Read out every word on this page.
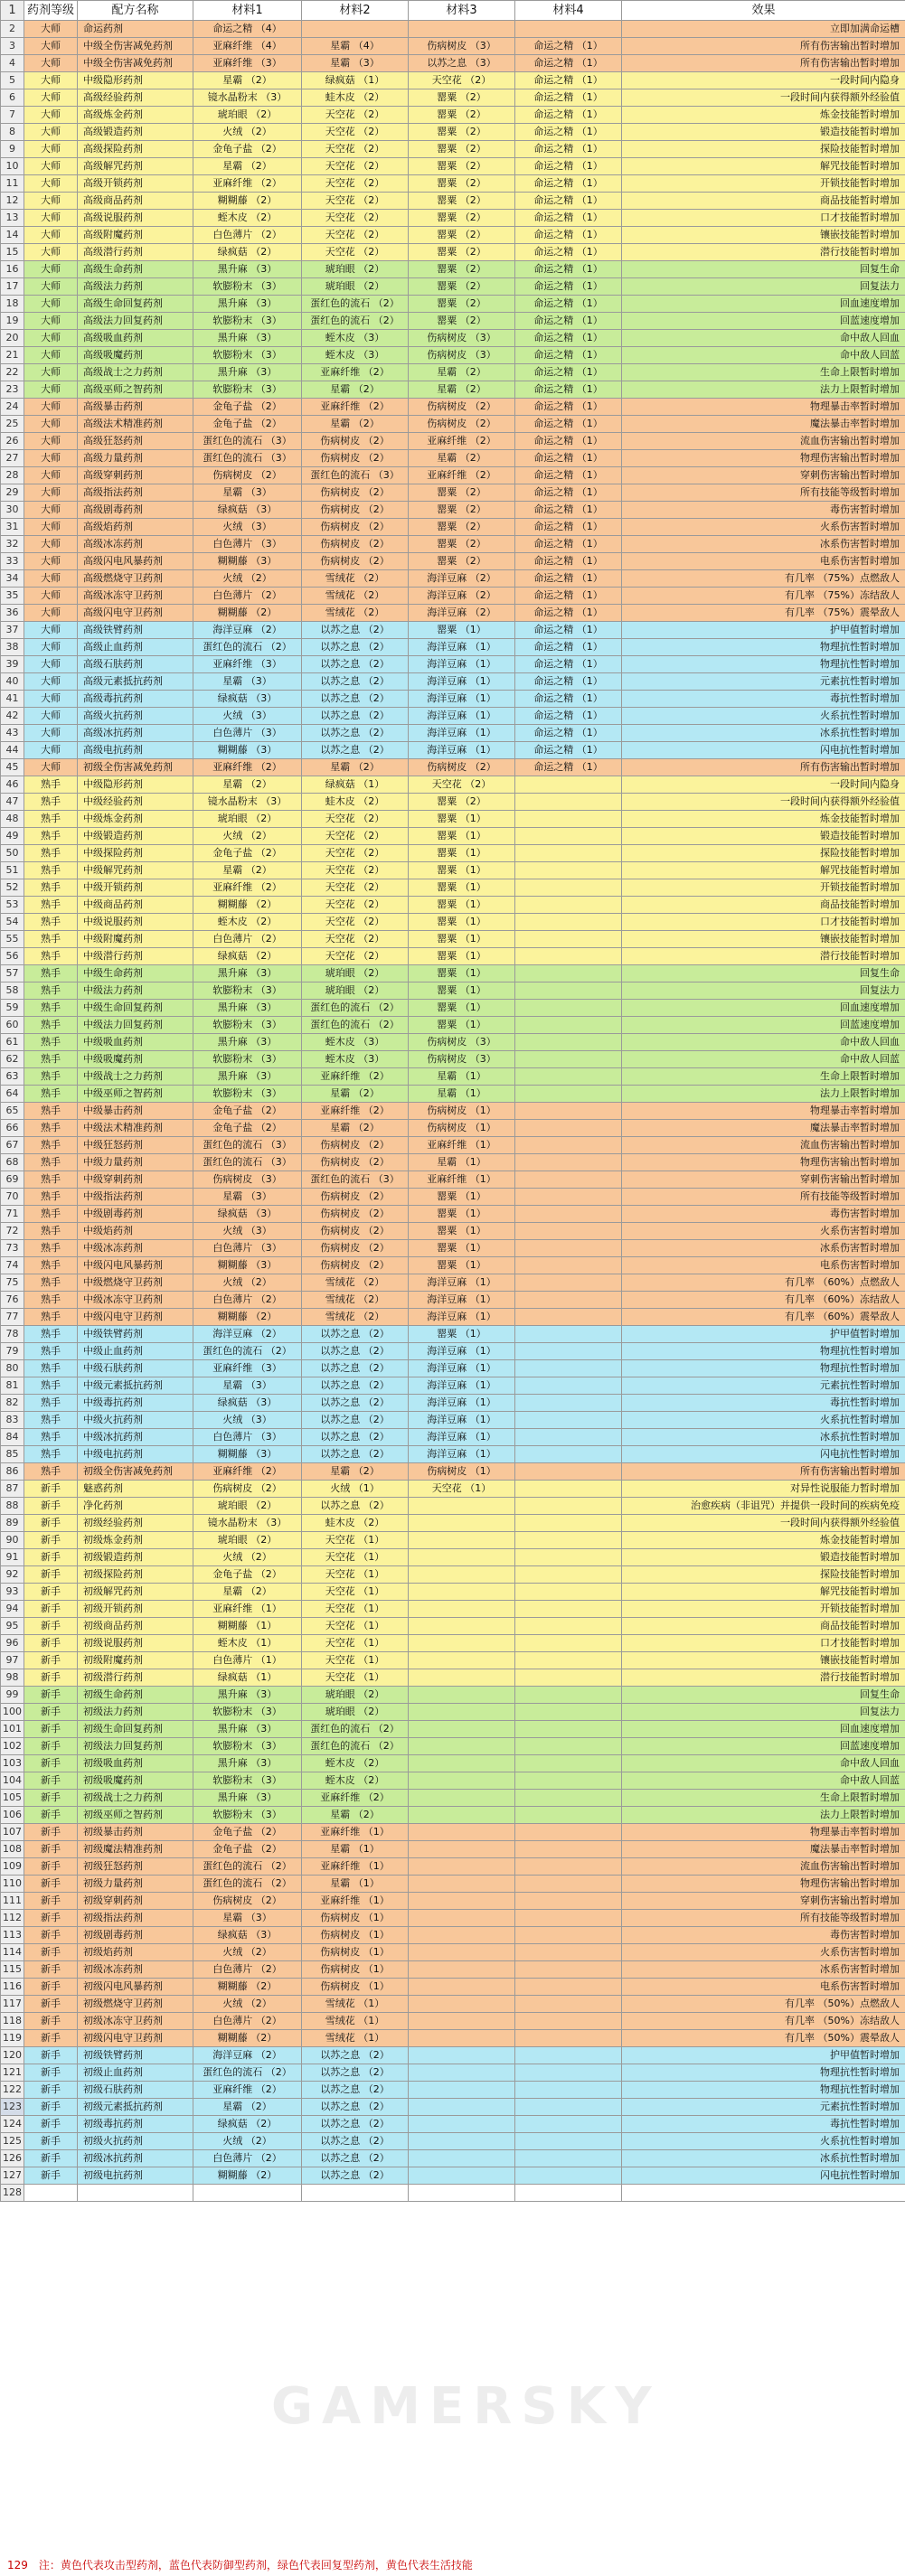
1	药剂等级	配方名称	材料1	材料2	材料3	材料4	效果
2	大师	命运药剂	命运之精 （4）				立即加满命运槽
3	大师	中级全伤害减免药剂	亚麻纤维 （4）	星霸 （4）	伤病树皮 （3）	命运之精 （1）	所有伤害输出暂时增加
4	大师	中级全伤害减免药剂	亚麻纤维 （3）	星霸 （3）	以苏之息 （3）	命运之精 （1）	所有伤害输出暂时增加
5	大师	中级隐形药剂	星霸 （2）	绿疯菇 （1）	天空花 （2）	命运之精 （1）	一段时间内隐身
6	大师	高级经验药剂	镜水晶粉末 （3）	蛙木皮 （2）	罂粟 （2）	命运之精 （1）	一段时间内获得额外经验值
7	大师	高级炼金药剂	琥珀眼 （2）	天空花 （2）	罂粟 （2）	命运之精 （1）	炼金技能暂时增加
8	大师	高级锻造药剂	火绒 （2）	天空花 （2）	罂粟 （2）	命运之精 （1）	锻造技能暂时增加
9	大师	高级探险药剂	金龟子盐 （2）	天空花 （2）	罂粟 （2）	命运之精 （1）	探险技能暂时增加
10	大师	高级解咒药剂	星霸 （2）	天空花 （2）	罂粟 （2）	命运之精 （1）	解咒技能暂时增加
11	大师	高级开锁药剂	亚麻纤维 （2）	天空花 （2）	罂粟 （2）	命运之精 （1）	开锁技能暂时增加
12	大师	高级商品药剂	糊糊藤 （2）	天空花 （2）	罂粟 （2）	命运之精 （1）	商品技能暂时增加
13	大师	高级说服药剂	蛭木皮 （2）	天空花 （2）	罂粟 （2）	命运之精 （1）	口才技能暂时增加
14	大师	高级附魔药剂	白色薄片 （2）	天空花 （2）	罂粟 （2）	命运之精 （1）	镶嵌技能暂时增加
15	大师	高级潜行药剂	绿疯菇 （2）	天空花 （2）	罂粟 （2）	命运之精 （1）	潜行技能暂时增加
16	大师	高级生命药剂	黑升麻 （3）	琥珀眼 （2）	罂粟 （2）	命运之精 （1）	回复生命
17	大师	高级法力药剂	软膨粉末 （3）	琥珀眼 （2）	罂粟 （2）	命运之精 （1）	回复法力
18	大师	高级生命回复药剂	黑升麻 （3）	蛋红色的流石 （2）	罂粟 （2）	命运之精 （1）	回血速度增加
19	大师	高级法力回复药剂	软膨粉末 （3）	蛋红色的流石 （2）	罂粟 （2）	命运之精 （1）	回蓝速度增加
20	大师	高级吸血药剂	黑升麻 （3）	蛭木皮 （3）	伤病树皮 （3）	命运之精 （1）	命中敌人回血
21	大师	高级吸魔药剂	软膨粉末 （3）	蛭木皮 （3）	伤病树皮 （3）	命运之精 （1）	命中敌人回蓝
22	大师	高级战士之力药剂	黑升麻 （3）	亚麻纤维 （2）	星霸 （2）	命运之精 （1）	生命上限暂时增加
23	大师	高级巫师之智药剂	软膨粉末 （3）	星霸 （2）	星霸 （2）	命运之精 （1）	法力上限暂时增加
24	大师	高级暴击药剂	金龟子盐 （2）	亚麻纤维 （2）	伤病树皮 （2）	命运之精 （1）	物理暴击率暂时增加
25	大师	高级法术精准药剂	金龟子盐 （2）	星霸 （2）	伤病树皮 （2）	命运之精 （1）	魔法暴击率暂时增加
26	大师	高级狂怒药剂	蛋红色的流石 （3）	伤病树皮 （2）	亚麻纤维 （2）	命运之精 （1）	流血伤害输出暂时增加
27	大师	高级力量药剂	蛋红色的流石 （3）	伤病树皮 （2）	星霸 （2）	命运之精 （1）	物理伤害输出暂时增加
28	大师	高级穿刺药剂	伤病树皮 （2）	蛋红色的流石 （3）	亚麻纤维 （2）	命运之精 （1）	穿刺伤害输出暂时增加
29	大师	高级指法药剂	星霸 （3）	伤病树皮 （2）	罂粟 （2）	命运之精 （1）	所有技能等级暂时增加
30	大师	高级剧毒药剂	绿疯菇 （3）	伤病树皮 （2）	罂粟 （2）	命运之精 （1）	毒伤害暂时增加
31	大师	高级焰药剂	火绒 （3）	伤病树皮 （2）	罂粟 （2）	命运之精 （1）	火系伤害暂时增加
32	大师	高级冰冻药剂	白色薄片 （3）	伤病树皮 （2）	罂粟 （2）	命运之精 （1）	冰系伤害暂时增加
33	大师	高级闪电风暴药剂	糊糊藤 （3）	伤病树皮 （2）	罂粟 （2）	命运之精 （1）	电系伤害暂时增加
34	大师	高级燃烧守卫药剂	火绒 （2）	雪绒花 （2）	海洋豆麻 （2）	命运之精 （1）	有几率 （75%）点燃敌人
35	大师	高级冰冻守卫药剂	白色薄片 （2）	雪绒花 （2）	海洋豆麻 （2）	命运之精 （1）	有几率 （75%）冻结敌人
36	大师	高级闪电守卫药剂	糊糊藤 （2）	雪绒花 （2）	海洋豆麻 （2）	命运之精 （1）	有几率 （75%）震晕敌人
37	大师	高级铁臂药剂	海洋豆麻 （2）	以苏之息 （2）	罂粟 （1）	命运之精 （1）	护甲值暂时增加
38	大师	高级止血药剂	蛋红色的流石 （2）	以苏之息 （2）	海洋豆麻 （1）	命运之精 （1）	物理抗性暂时增加
39	大师	高级石肤药剂	亚麻纤维 （3）	以苏之息 （2）	海洋豆麻 （1）	命运之精 （1）	物理抗性暂时增加
40	大师	高级元素抵抗药剂	星霸 （3）	以苏之息 （2）	海洋豆麻 （1）	命运之精 （1）	元素抗性暂时增加
41	大师	高级毒抗药剂	绿疯菇 （3）	以苏之息 （2）	海洋豆麻 （1）	命运之精 （1）	毒抗性暂时增加
42	大师	高级火抗药剂	火绒 （3）	以苏之息 （2）	海洋豆麻 （1）	命运之精 （1）	火系抗性暂时增加
43	大师	高级冰抗药剂	白色薄片 （3）	以苏之息 （2）	海洋豆麻 （1）	命运之精 （1）	冰系抗性暂时增加
44	大师	高级电抗药剂	糊糊藤 （3）	以苏之息 （2）	海洋豆麻 （1）	命运之精 （1）	闪电抗性暂时增加
45	大师	初级全伤害减免药剂	亚麻纤维 （2）	星霸 （2）	伤病树皮 （2）	命运之精 （1）	所有伤害输出暂时增加
46	熟手	中级隐形药剂	星霸 （2）	绿疯菇 （1）	天空花 （2）		一段时间内隐身
47	熟手	中级经验药剂	镜水晶粉末 （3）	蛙木皮 （2）	罂粟 （2）		一段时间内获得额外经验值
48	熟手	中级炼金药剂	琥珀眼 （2）	天空花 （2）	罂粟 （1）		炼金技能暂时增加
49	熟手	中级锻造药剂	火绒 （2）	天空花 （2）	罂粟 （1）		锻造技能暂时增加
50	熟手	中级探险药剂	金龟子盐 （2）	天空花 （2）	罂粟 （1）		探险技能暂时增加
51	熟手	中级解咒药剂	星霸 （2）	天空花 （2）	罂粟 （1）		解咒技能暂时增加
52	熟手	中级开锁药剂	亚麻纤维 （2）	天空花 （2）	罂粟 （1）		开锁技能暂时增加
53	熟手	中级商品药剂	糊糊藤 （2）	天空花 （2）	罂粟 （1）		商品技能暂时增加
54	熟手	中级说服药剂	蛭木皮 （2）	天空花 （2）	罂粟 （1）		口才技能暂时增加
55	熟手	中级附魔药剂	白色薄片 （2）	天空花 （2）	罂粟 （1）		镶嵌技能暂时增加
56	熟手	中级潜行药剂	绿疯菇 （2）	天空花 （2）	罂粟 （1）		潜行技能暂时增加
57	熟手	中级生命药剂	黑升麻 （3）	琥珀眼 （2）	罂粟 （1）		回复生命
58	熟手	中级法力药剂	软膨粉末 （3）	琥珀眼 （2）	罂粟 （1）		回复法力
59	熟手	中级生命回复药剂	黑升麻 （3）	蛋红色的流石 （2）	罂粟 （1）		回血速度增加
60	熟手	中级法力回复药剂	软膨粉末 （3）	蛋红色的流石 （2）	罂粟 （1）		回蓝速度增加
61	熟手	中级吸血药剂	黑升麻 （3）	蛭木皮 （3）	伤病树皮 （3）		命中敌人回血
62	熟手	中级吸魔药剂	软膨粉末 （3）	蛭木皮 （3）	伤病树皮 （3）		命中敌人回蓝
63	熟手	中级战士之力药剂	黑升麻 （3）	亚麻纤维 （2）	星霸 （1）		生命上限暂时增加
64	熟手	中级巫师之智药剂	软膨粉末 （3）	星霸 （2）	星霸 （1）		法力上限暂时增加
65	熟手	中级暴击药剂	金龟子盐 （2）	亚麻纤维 （2）	伤病树皮 （1）		物理暴击率暂时增加
66	熟手	中级法术精准药剂	金龟子盐 （2）	星霸 （2）	伤病树皮 （1）		魔法暴击率暂时增加
67	熟手	中级狂怒药剂	蛋红色的流石 （3）	伤病树皮 （2）	亚麻纤维 （1）		流血伤害输出暂时增加
68	熟手	中级力量药剂	蛋红色的流石 （3）	伤病树皮 （2）	星霸 （1）		物理伤害输出暂时增加
69	熟手	中级穿刺药剂	伤病树皮 （3）	蛋红色的流石 （3）	亚麻纤维 （1）		穿刺伤害输出暂时增加
70	熟手	中级指法药剂	星霸 （3）	伤病树皮 （2）	罂粟 （1）		所有技能等级暂时增加
71	熟手	中级剧毒药剂	绿疯菇 （3）	伤病树皮 （2）	罂粟 （1）		毒伤害暂时增加
72	熟手	中级焰药剂	火绒 （3）	伤病树皮 （2）	罂粟 （1）		火系伤害暂时增加
73	熟手	中级冰冻药剂	白色薄片 （3）	伤病树皮 （2）	罂粟 （1）		冰系伤害暂时增加
74	熟手	中级闪电风暴药剂	糊糊藤 （3）	伤病树皮 （2）	罂粟 （1）		电系伤害暂时增加
75	熟手	中级燃烧守卫药剂	火绒 （2）	雪绒花 （2）	海洋豆麻 （1）		有几率 （60%）点燃敌人
76	熟手	中级冰冻守卫药剂	白色薄片 （2）	雪绒花 （2）	海洋豆麻 （1）		有几率 （60%）冻结敌人
77	熟手	中级闪电守卫药剂	糊糊藤 （2）	雪绒花 （2）	海洋豆麻 （1）		有几率 （60%）震晕敌人
78	熟手	中级铁臂药剂	海洋豆麻 （2）	以苏之息 （2）	罂粟 （1）		护甲值暂时增加
79	熟手	中级止血药剂	蛋红色的流石 （2）	以苏之息 （2）	海洋豆麻 （1）		物理抗性暂时增加
80	熟手	中级石肤药剂	亚麻纤维 （3）	以苏之息 （2）	海洋豆麻 （1）		物理抗性暂时增加
81	熟手	中级元素抵抗药剂	星霸 （3）	以苏之息 （2）	海洋豆麻 （1）		元素抗性暂时增加
82	熟手	中级毒抗药剂	绿疯菇 （3）	以苏之息 （2）	海洋豆麻 （1）		毒抗性暂时增加
83	熟手	中级火抗药剂	火绒 （3）	以苏之息 （2）	海洋豆麻 （1）		火系抗性暂时增加
84	熟手	中级冰抗药剂	白色薄片 （3）	以苏之息 （2）	海洋豆麻 （1）		冰系抗性暂时增加
85	熟手	中级电抗药剂	糊糊藤 （3）	以苏之息 （2）	海洋豆麻 （1）		闪电抗性暂时增加
86	熟手	初级全伤害减免药剂	亚麻纤维 （2）	星霸 （2）	伤病树皮 （1）		所有伤害输出暂时增加
87	新手	魅惑药剂	伤病树皮 （2）	火绒 （1）	天空花 （1）		对异性说服能力暂时增加
88	新手	净化药剂	琥珀眼 （2）	以苏之息 （2）			治愈疾病（非诅咒）并提供一段时间的疾病免疫
89	新手	初级经验药剂	镜水晶粉末 （3）	蛙木皮 （2）			一段时间内获得额外经验值
90	新手	初级炼金药剂	琥珀眼 （2）	天空花 （1）			炼金技能暂时增加
91	新手	初级锻造药剂	火绒 （2）	天空花 （1）			锻造技能暂时增加
92	新手	初级探险药剂	金龟子盐 （2）	天空花 （1）			探险技能暂时增加
93	新手	初级解咒药剂	星霸 （2）	天空花 （1）			解咒技能暂时增加
94	新手	初级开锁药剂	亚麻纤维 （1）	天空花 （1）			开锁技能暂时增加
95	新手	初级商品药剂	糊糊藤 （1）	天空花 （1）			商品技能暂时增加
96	新手	初级说服药剂	蛭木皮 （1）	天空花 （1）			口才技能暂时增加
97	新手	初级附魔药剂	白色薄片 （1）	天空花 （1）			镶嵌技能暂时增加
98	新手	初级潜行药剂	绿疯菇 （1）	天空花 （1）			潜行技能暂时增加
99	新手	初级生命药剂	黑升麻 （3）	琥珀眼 （2）			回复生命
100	新手	初级法力药剂	软膨粉末 （3）	琥珀眼 （2）			回复法力
101	新手	初级生命回复药剂	黑升麻 （3）	蛋红色的流石 （2）			回血速度增加
102	新手	初级法力回复药剂	软膨粉末 （3）	蛋红色的流石 （2）			回蓝速度增加
103	新手	初级吸血药剂	黑升麻 （3）	蛭木皮 （2）			命中敌人回血
104	新手	初级吸魔药剂	软膨粉末 （3）	蛭木皮 （2）			命中敌人回蓝
105	新手	初级战士之力药剂	黑升麻 （3）	亚麻纤维 （2）			生命上限暂时增加
106	新手	初级巫师之智药剂	软膨粉末 （3）	星霸 （2）			法力上限暂时增加
107	新手	初级暴击药剂	金龟子盐 （2）	亚麻纤维 （1）			物理暴击率暂时增加
108	新手	初级魔法精准药剂	金龟子盐 （2）	星霸 （1）			魔法暴击率暂时增加
109	新手	初级狂怒药剂	蛋红色的流石 （2）	亚麻纤维 （1）			流血伤害输出暂时增加
110	新手	初级力量药剂	蛋红色的流石 （2）	星霸 （1）			物理伤害输出暂时增加
111	新手	初级穿刺药剂	伤病树皮 （2）	亚麻纤维 （1）			穿刺伤害输出暂时增加
112	新手	初级指法药剂	星霸 （3）	伤病树皮 （1）			所有技能等级暂时增加
113	新手	初级剧毒药剂	绿疯菇 （3）	伤病树皮 （1）			毒伤害暂时增加
114	新手	初级焰药剂	火绒 （2）	伤病树皮 （1）			火系伤害暂时增加
115	新手	初级冰冻药剂	白色薄片 （2）	伤病树皮 （1）			冰系伤害暂时增加
116	新手	初级闪电风暴药剂	糊糊藤 （2）	伤病树皮 （1）			电系伤害暂时增加
117	新手	初级燃烧守卫药剂	火绒 （2）	雪绒花 （1）			有几率 （50%）点燃敌人
118	新手	初级冰冻守卫药剂	白色薄片 （2）	雪绒花 （1）			有几率 （50%）冻结敌人
119	新手	初级闪电守卫药剂	糊糊藤 （2）	雪绒花 （1）			有几率 （50%）震晕敌人
120	新手	初级铁臂药剂	海洋豆麻 （2）	以苏之息 （2）			护甲值暂时增加
121	新手	初级止血药剂	蛋红色的流石 （2）	以苏之息 （2）			物理抗性暂时增加
122	新手	初级石肤药剂	亚麻纤维 （2）	以苏之息 （2）			物理抗性暂时增加
123	新手	初级元素抵抗药剂	星霸 （2）	以苏之息 （2）			元素抗性暂时增加
124	新手	初级毒抗药剂	绿疯菇 （2）	以苏之息 （2）			毒抗性暂时增加
125	新手	初级火抗药剂	火绒 （2）	以苏之息 （2）			火系抗性暂时增加
126	新手	初级冰抗药剂	白色薄片 （2）	以苏之息 （2）			冰系抗性暂时增加
127	新手	初级电抗药剂	糊糊藤 （2）	以苏之息 （2）			闪电抗性暂时增加
128							
GAMERSKY
129　 注：黄色代表攻击型药剂，蓝色代表防御型药剂，绿色代表回复型药剂，黄色代表生活技能
